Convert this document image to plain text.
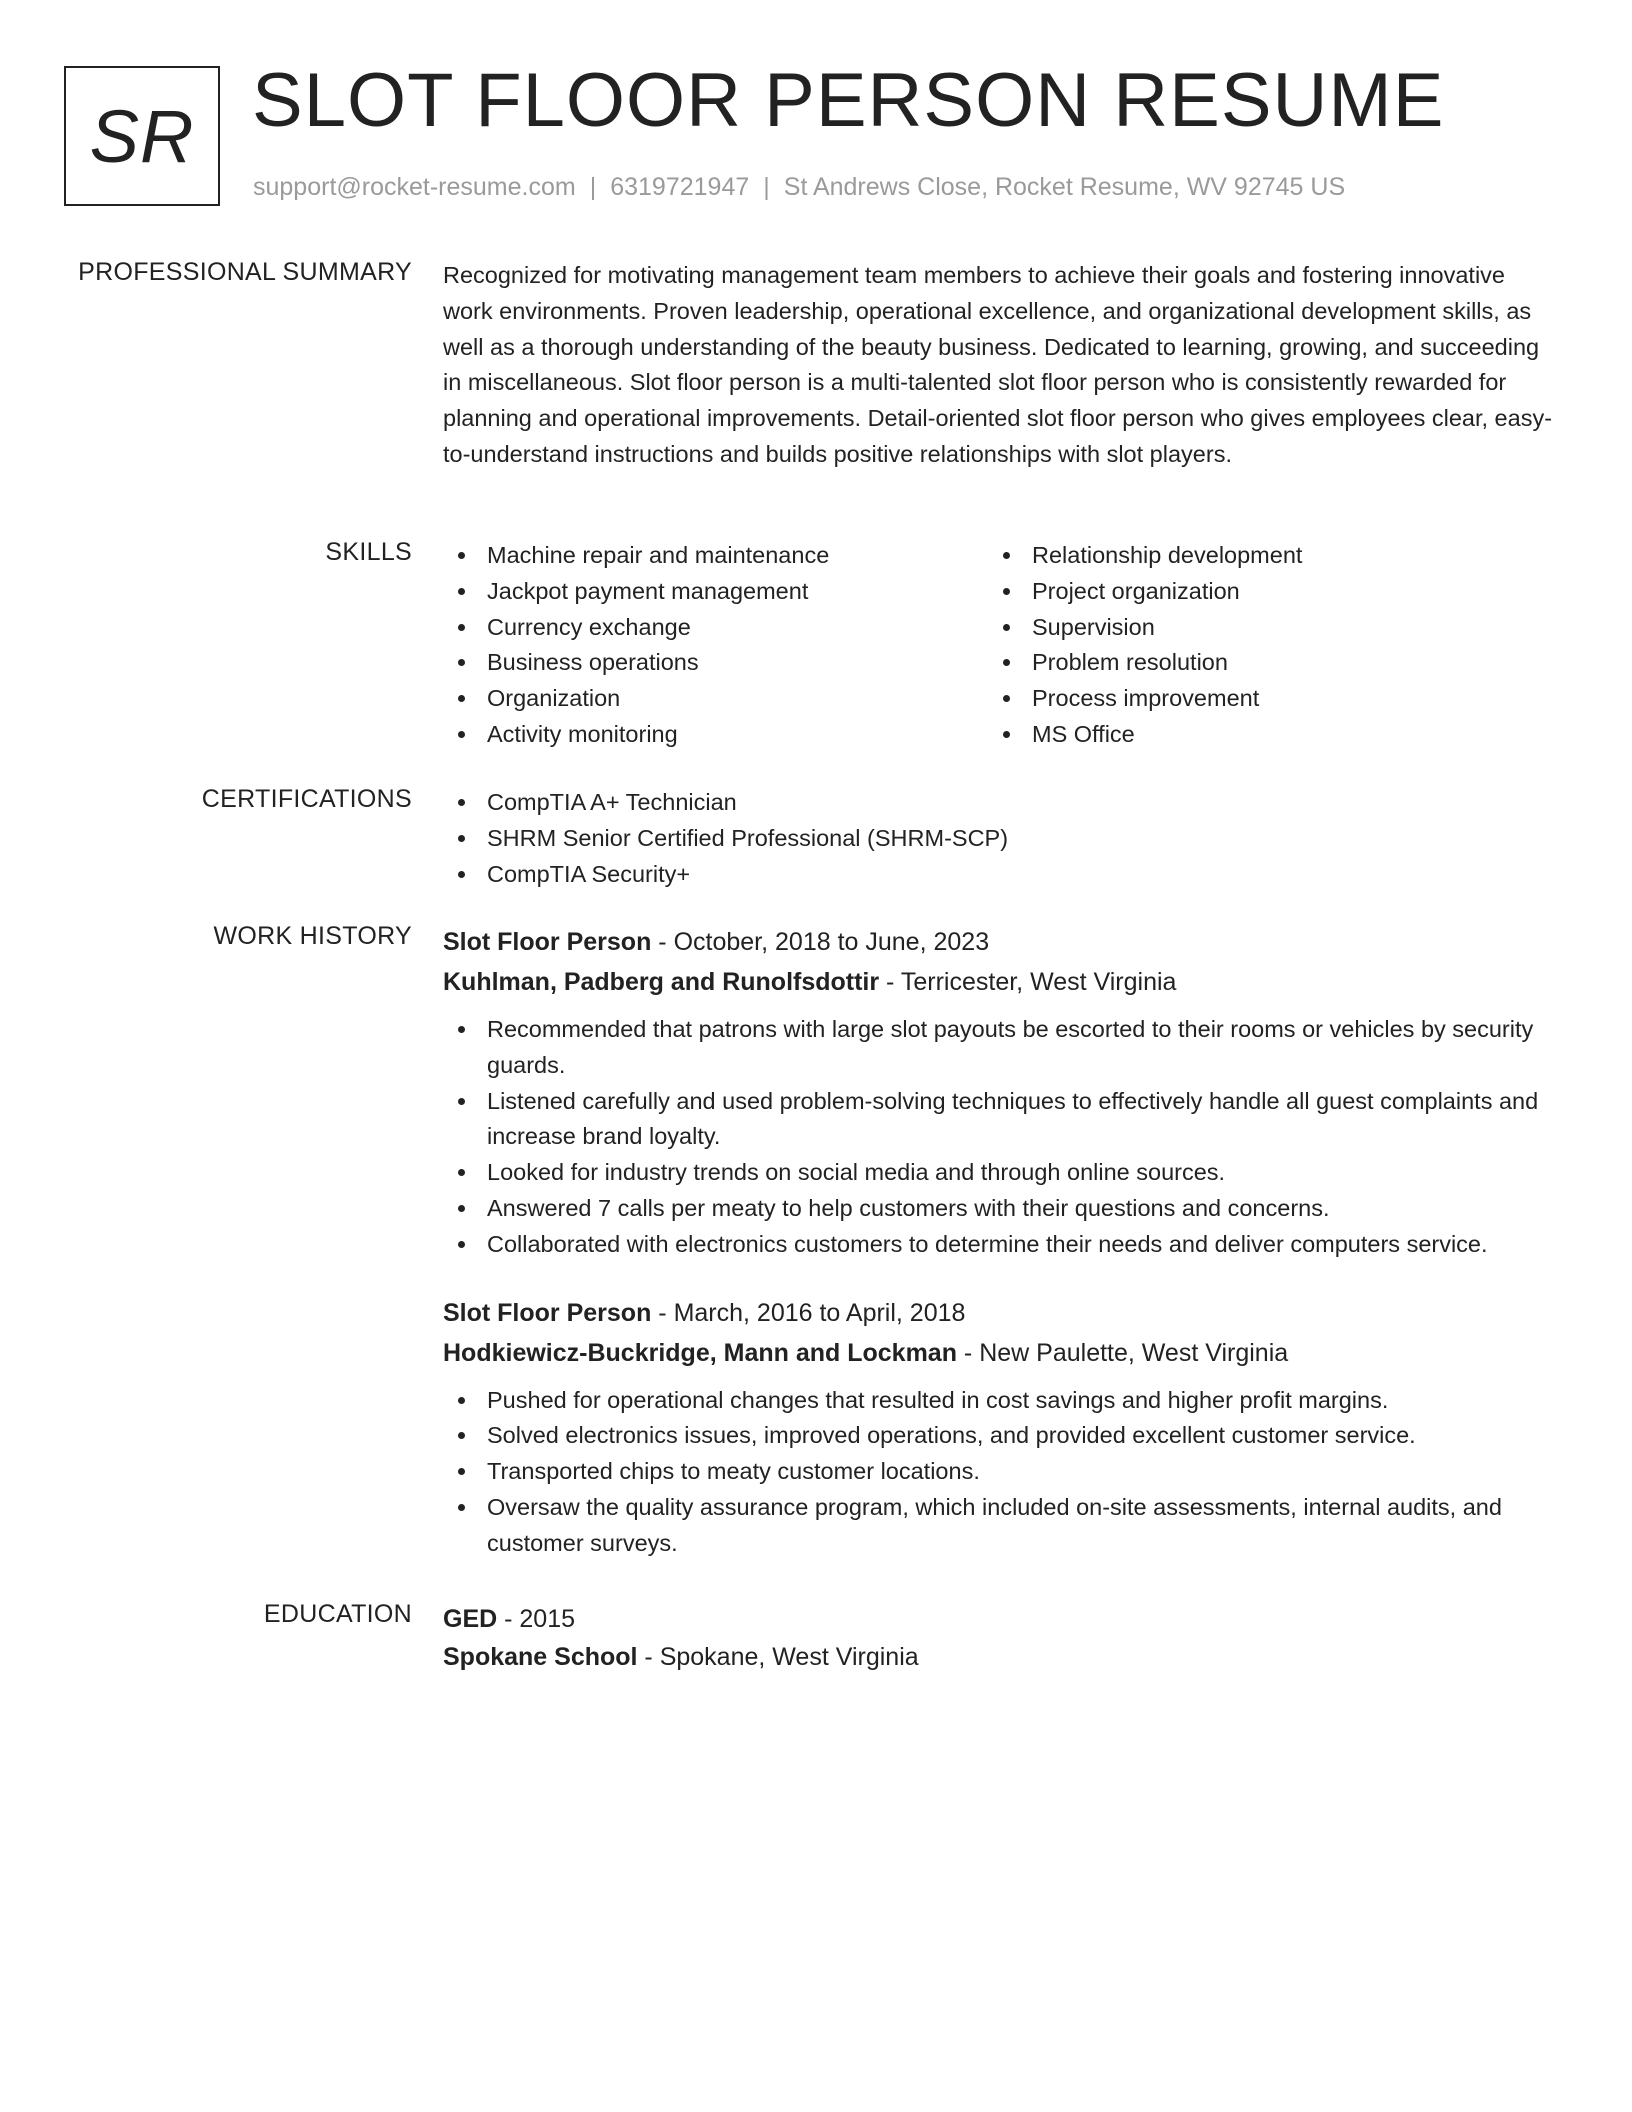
SR SLOT FLOOR PERSON RESUME
support@rocket-resume.com | 6319721947 | St Andrews Close, Rocket Resume, WV 92745 US
PROFESSIONAL SUMMARY Recognized for motivating management team members to achieve their goals and fostering innovative work environments. Proven leadership, operational excellence, and organizational development skills, as well as a thorough understanding of the beauty business. Dedicated to learning, growing, and succeeding in miscellaneous. Slot floor person is a multi-talented slot floor person who is consistently rewarded for planning and operational improvements. Detail-oriented slot floor person who gives employees clear, easy-to-understand instructions and builds positive relationships with slot players.

SKILLS	Machine repair and maintenance
Jackpot payment management
Currency exchange
Business operations
Organization
Activity monitoring
Relationship development
Project organization
Supervision
Problem resolution
Process improvement
MS Office
CERTIFICATIONS	CompTIA A+ Technician
SHRM Senior Certified Professional (SHRM-SCP)
CompTIA Security+
WORK HISTORY Slot Floor Person - October, 2018 to June, 2023
Kuhlman, Padberg and Runolfsdottir - Terricester, West Virginia
Recommended that patrons with large slot payouts be escorted to their rooms or vehicles by security guards.
Listened carefully and used problem-solving techniques to effectively handle all guest complaints and increase brand loyalty.
Looked for industry trends on social media and through online sources.
Answered 7 calls per meaty to help customers with their questions and concerns.
Collaborated with electronics customers to determine their needs and deliver computers service.
Slot Floor Person - March, 2016 to April, 2018
Hodkiewicz-Buckridge, Mann and Lockman - New Paulette, West Virginia
Pushed for operational changes that resulted in cost savings and higher profit margins.
Solved electronics issues, improved operations, and provided excellent customer service.
Transported chips to meaty customer locations.
Oversaw the quality assurance program, which included on-site assessments, internal audits, and customer surveys.
EDUCATION GED - 2015
Spokane School - Spokane, West Virginia
